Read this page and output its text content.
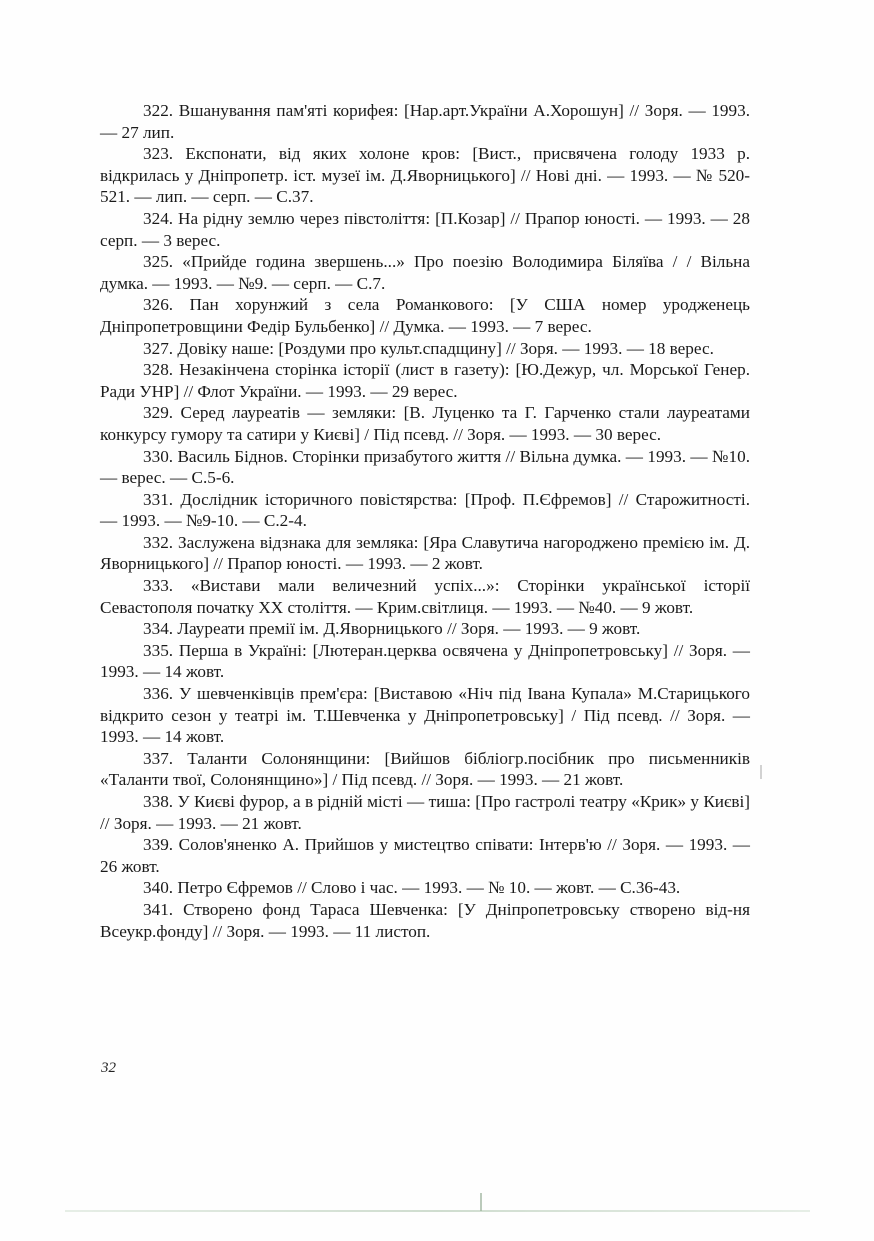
322. Вшанування пам'яті корифея: [Нар.арт.України А.Хорошун] // Зоря. — 1993. — 27 лип.

323. Експонати, від яких холоне кров: [Вист., присвячена голоду 1933 р. відкрилась у Дніпропетр. іст. музеї ім. Д.Яворницького] // Нові дні. — 1993. — № 520-521. — лип. — серп. — С.37.

324. На рідну землю через півстоліття: [П.Козар] // Прапор юності. — 1993. — 28 серп. — 3 верес.

325. «Прийде година звершень...» Про поезію Володимира Біляїва / / Вільна думка. — 1993. — №9. — серп. — С.7.

326. Пан хорунжий з села Романкового: [У США номер уродженець Дніпропетровщини Федір Бульбенко] // Думка. — 1993. — 7 верес.

327. Довіку наше: [Роздуми про культ.спадщину] // Зоря. — 1993. — 18 верес.

328. Незакінчена сторінка історії (лист в газету): [Ю.Дежур, чл. Морської Генер. Ради УНР] // Флот України. — 1993. — 29 верес.

329. Серед лауреатів — земляки: [В. Луценко та Г. Гарченко стали лауреатами конкурсу гумору та сатири у Києві] / Під псевд. // Зоря. — 1993. — 30 верес.

330. Василь Біднов. Сторінки призабутого життя // Вільна думка. — 1993. — №10. — верес. — С.5-6.

331. Дослідник історичного повістярства: [Проф. П.Єфремов] // Старожитності. — 1993. — №9-10. — С.2-4.

332. Заслужена відзнака для земляка: [Яра Славутича нагороджено премією ім. Д. Яворницького] // Прапор юності. — 1993. — 2 жовт.

333. «Вистави мали величезний успіх...»: Сторінки української історії Севастополя початку XX століття. — Крим.світлиця. — 1993. — №40. — 9 жовт.

334. Лауреати премії ім. Д.Яворницького // Зоря. — 1993. — 9 жовт.

335. Перша в Україні: [Лютеран.церква освячена у Дніпропетровську] // Зоря. — 1993. — 14 жовт.

336. У шевченківців прем'єра: [Виставою «Ніч під Івана Купала» М.Старицького відкрито сезон у театрі ім. Т.Шевченка у Дніпропетровську] / Під псевд. // Зоря. — 1993. — 14 жовт.

337. Таланти Солонянщини: [Вийшов бібліогр.посібник про письменників «Таланти твої, Солонянщино»] / Під псевд. // Зоря. — 1993. — 21 жовт.

338. У Києві фурор, а в рідній місті — тиша: [Про гастролі театру «Крик» у Києві] // Зоря. — 1993. — 21 жовт.

339. Солов'яненко А. Прийшов у мистецтво співати: Інтерв'ю // Зоря. — 1993. — 26 жовт.

340. Петро Єфремов // Слово і час. — 1993. — № 10. — жовт. — С.36-43.

341. Створено фонд Тараса Шевченка: [У Дніпропетровську створено від-ня Всеукр.фонду] // Зоря. — 1993. — 11 листоп.

32
